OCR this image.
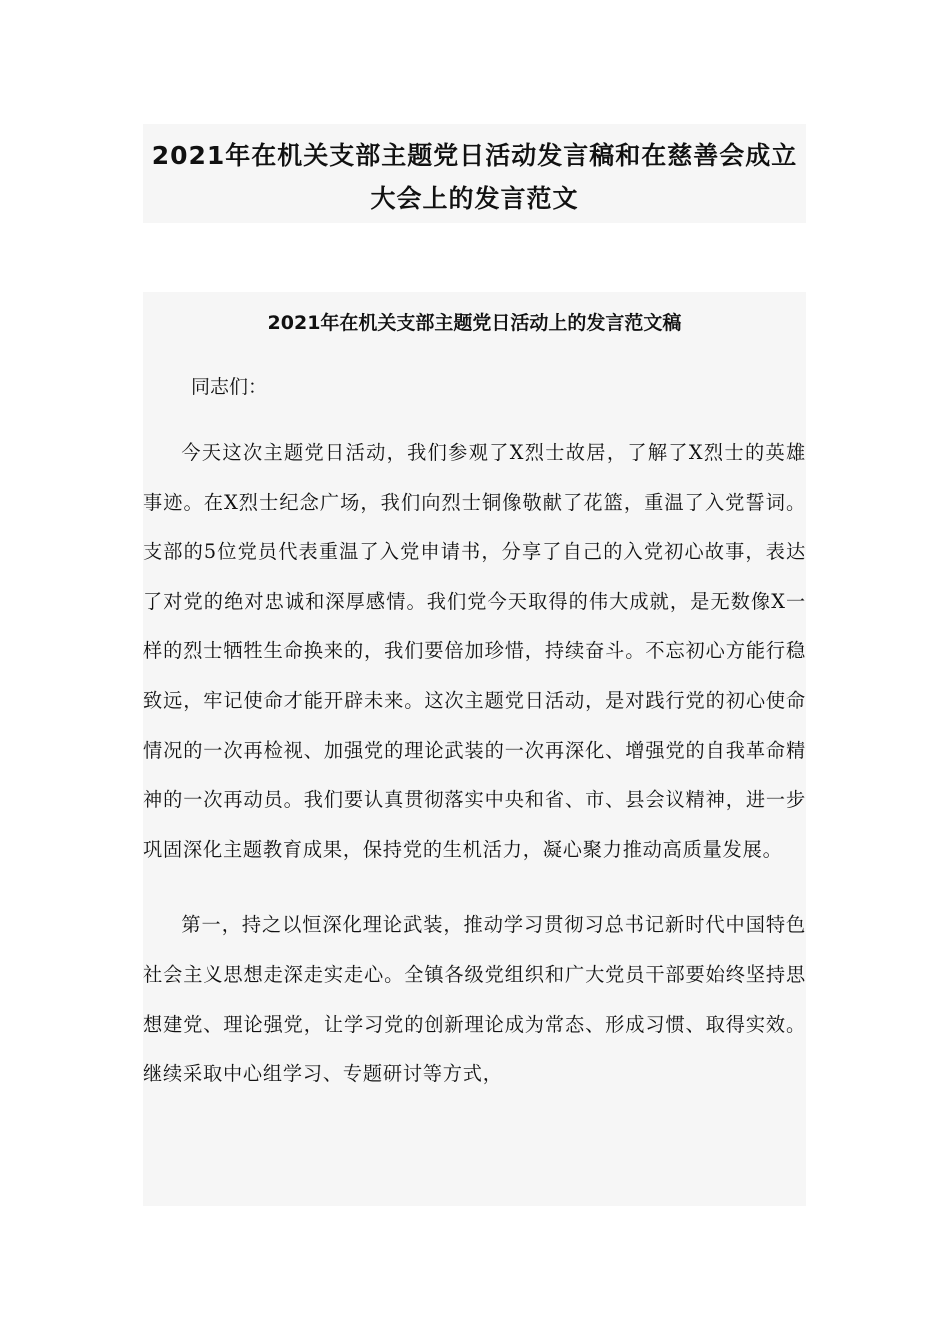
2021年在机关支部主题党日活动发言稿和在慈善会成立大会上的发言范文
2021年在机关支部主题党日活动上的发言范文稿

同志们：

今天这次主题党日活动，我们参观了X烈士故居，了解了X烈士的英雄事迹。在X烈士纪念广场，我们向烈士铜像敬献了花篮，重温了入党誓词。支部的5位党员代表重温了入党申请书，分享了自己的入党初心故事，表达了对党的绝对忠诚和深厚感情。我们党今天取得的伟大成就，是无数像X一样的烈士牺牲生命换来的，我们要倍加珍惜，持续奋斗。不忘初心方能行稳致远，牢记使命才能开辟未来。这次主题党日活动，是对践行党的初心使命情况的一次再检视、加强党的理论武装的一次再深化、增强党的自我革命精神的一次再动员。我们要认真贯彻落实中央和省、市、县会议精神，进一步巩固深化主题教育成果，保持党的生机活力，凝心聚力推动高质量发展。

第一，持之以恒深化理论武装，推动学习贯彻习总书记新时代中国特色社会主义思想走深走实走心。全镇各级党组织和广大党员干部要始终坚持思想建党、理论强党，让学习党的创新理论成为常态、形成习惯、取得实效。继续采取中心组学习、专题研讨等方式，
